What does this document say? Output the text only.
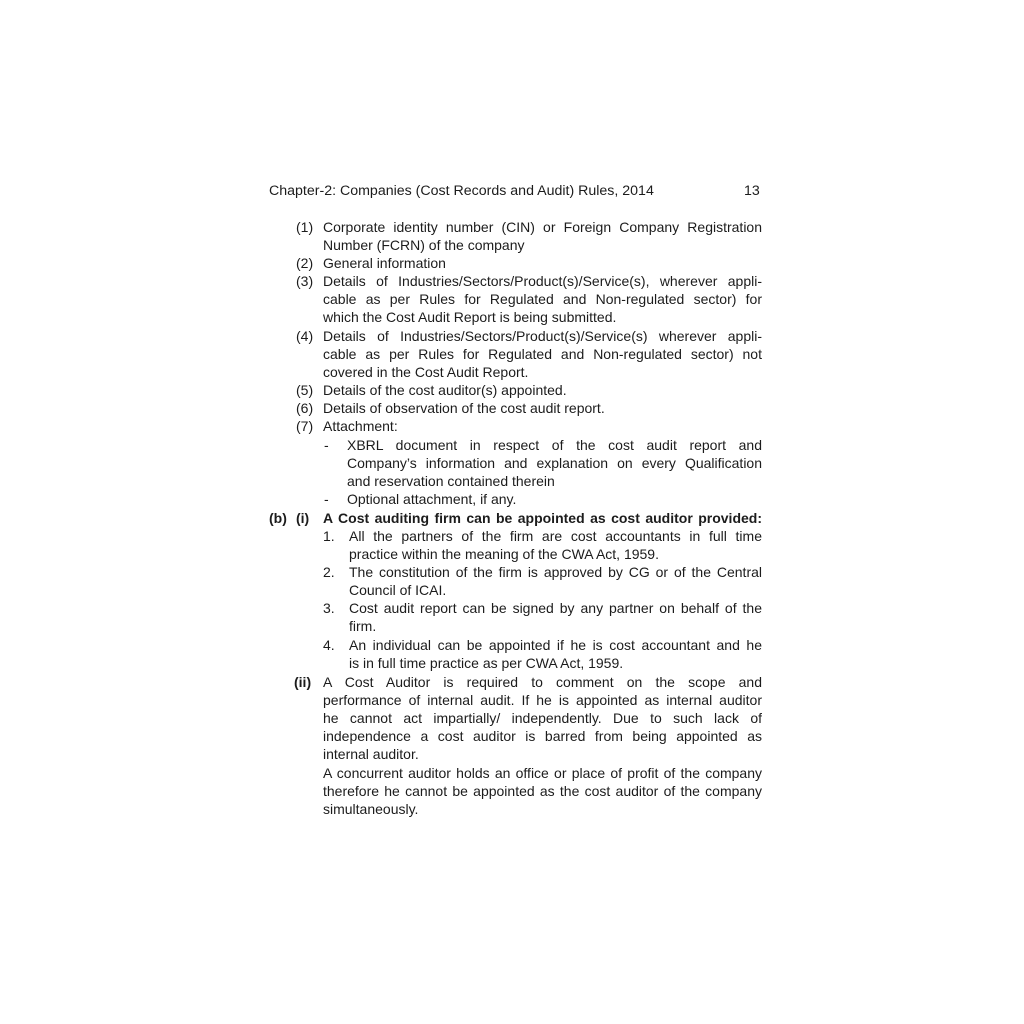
Chapter-2: Companies (Cost Records and Audit) Rules, 2014	13
(1) Corporate identity number (CIN) or Foreign Company Registration
Number (FCRN) of the company
(2) General information
(3) Details of Industries/Sectors/Product(s)/Service(s), wherever appli-
cable as per Rules for Regulated and Non-regulated sector) for
which the Cost Audit Report is being submitted.
(4) Details of Industries/Sectors/Product(s)/Service(s) wherever appli-
cable as per Rules for Regulated and Non-regulated sector) not
covered in the Cost Audit Report.
(5) Details of the cost auditor(s) appointed.
(6) Details of observation of the cost audit report.
(7) Attachment:
- XBRL document in respect of the cost audit report and
Company’s information and explanation on every Qualification
and reservation contained therein
- Optional attachment, if any.
(b) (i) A Cost auditing firm can be appointed as cost auditor provided:
1. All the partners of the firm are cost accountants in full time
practice within the meaning of the CWA Act, 1959.
2. The constitution of the firm is approved by CG or of the Central
Council of ICAI.
3. Cost audit report can be signed by any partner on behalf of the
firm.
4. An individual can be appointed if he is cost accountant and he
is in full time practice as per CWA Act, 1959.
(ii) A Cost Auditor is required to comment on the scope and
performance of internal audit. If he is appointed as internal auditor
he cannot act impartially/ independently. Due to such lack of
independence a cost auditor is barred from being appointed as
internal auditor.
A concurrent auditor holds an office or place of profit of the company
therefore he cannot be appointed as the cost auditor of the company
simultaneously.
